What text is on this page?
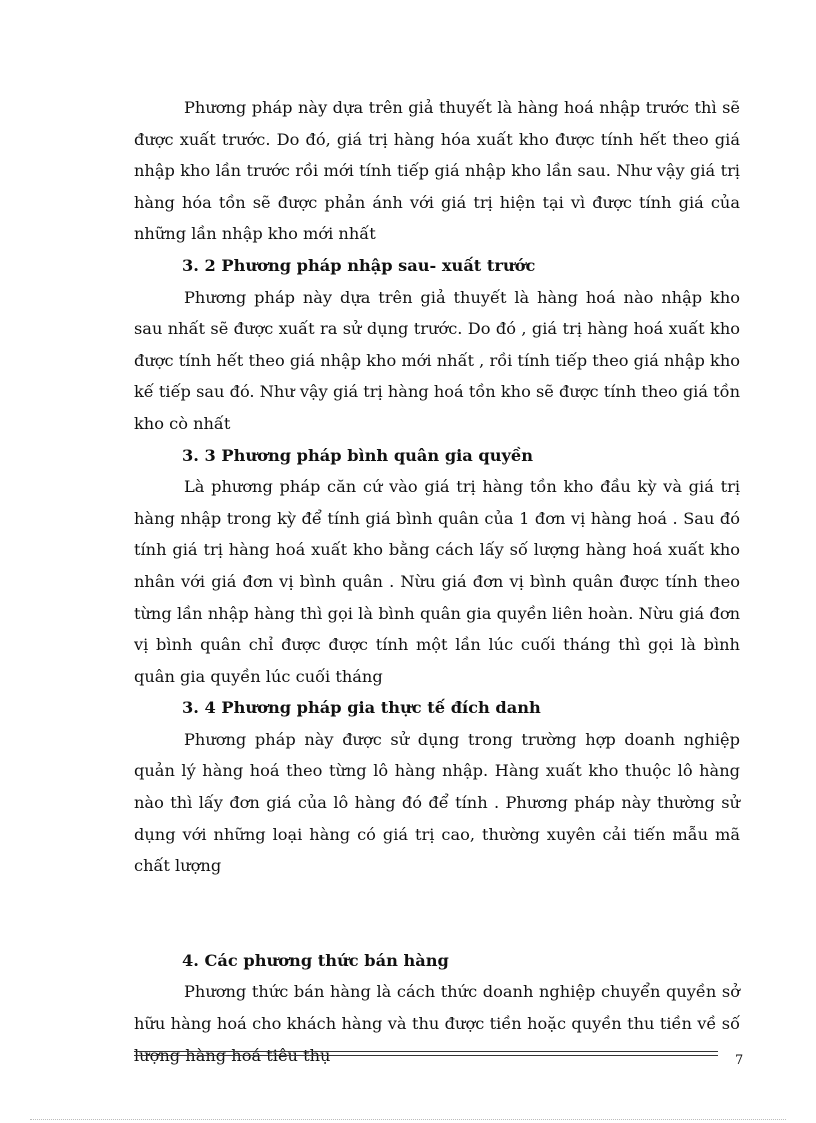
Phương pháp này dựa trên giả thuyết là hàng hoá nhập trước thì sẽ được xuất trước. Do đó, giá trị hàng hóa xuất kho được tính hết theo giá nhập kho lần trước rồi mới tính tiếp giá nhập kho lần sau. Như vậy giá trị hàng hóa tồn sẽ được phản ánh với giá trị hiện tại vì được tính giá của những lần nhập kho mới nhất

3. 2 Phương pháp nhập sau- xuất trước

Phương pháp này dựa trên giả thuyết là hàng hoá nào nhập kho sau nhất sẽ được xuất ra sử dụng trước. Do đó , giá trị hàng hoá xuất kho được tính hết theo giá nhập kho mới nhất , rồi tính tiếp theo giá nhập kho kế tiếp sau đó. Như vậy giá trị hàng hoá tồn kho sẽ được tính theo giá tồn kho cò nhất

3. 3 Phương pháp bình quân gia quyền

Là phương pháp căn cứ vào giá trị hàng tồn kho đầu kỳ và giá trị hàng nhập trong kỳ để tính giá bình quân của 1 đơn vị hàng hoá . Sau đó tính giá trị hàng hoá xuất kho bằng cách lấy số lượng hàng hoá xuất kho nhân với giá đơn vị bình quân . Nừu giá đơn vị bình quân được tính theo từng lần nhập hàng thì gọi là bình quân gia quyền liên hoàn. Nừu giá đơn vị bình quân chỉ được được tính một lần lúc cuối tháng thì gọi là bình quân gia quyền lúc cuối tháng

3. 4 Phương pháp gia thực tế đích danh

Phương pháp này được sử dụng trong trường hợp doanh nghiệp quản lý hàng hoá theo từng lô hàng nhập. Hàng xuất kho thuộc lô hàng nào thì lấy đơn giá của lô hàng đó để tính . Phương pháp này thường sử dụng với những loại hàng có giá trị cao, thường xuyên cải tiến mẫu mã chất lượng

4. Các phương thức bán hàng

Phương thức bán hàng là cách thức doanh nghiệp chuyển quyền sở hữu hàng hoá cho khách hàng và thu được tiền hoặc quyền thu tiền về số lượng hàng hoá tiêu thụ	7
